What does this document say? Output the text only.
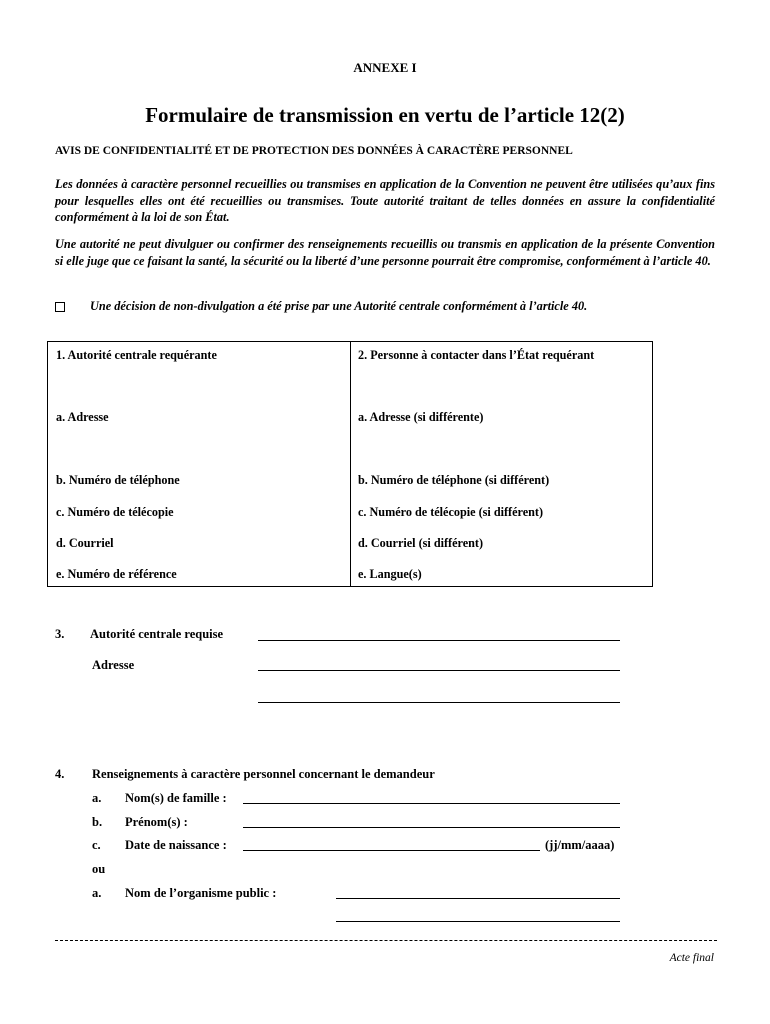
ANNEXE I
Formulaire de transmission en vertu de l’article 12(2)
AVIS DE CONFIDENTIALITÉ ET DE PROTECTION DES DONNÉES À CARACTÈRE PERSONNEL
Les données à caractère personnel recueillies ou transmises en application de la Convention ne peuvent être utilisées qu’aux fins pour lesquelles elles ont été recueillies ou transmises. Toute autorité traitant de telles données en assure la confidentialité conformément à la loi de son État.
Une autorité ne peut divulguer ou confirmer des renseignements recueillis ou transmis en application de la présente Convention si elle juge que ce faisant la santé, la sécurité ou la liberté d’une personne pourrait être compromise, conformément à l’article 40.
Une décision de non-divulgation a été prise par une Autorité centrale conformément à l’article 40.
1. Autorité centrale requérante
a. Adresse
b. Numéro de téléphone
c. Numéro de télécopie
d. Courriel
e. Numéro de référence
2. Personne à contacter dans l’État requérant
a. Adresse (si différente)
b. Numéro de téléphone (si différent)
c. Numéro de télécopie (si différent)
d. Courriel (si différent)
e. Langue(s)
3. Autorité centrale requise
Adresse
4. Renseignements à caractère personnel concernant le demandeur
a. Nom(s) de famille :
b. Prénom(s) :
c. Date de naissance :	(jj/mm/aaaa)
ou
a. Nom de l’organisme public :
Acte final
